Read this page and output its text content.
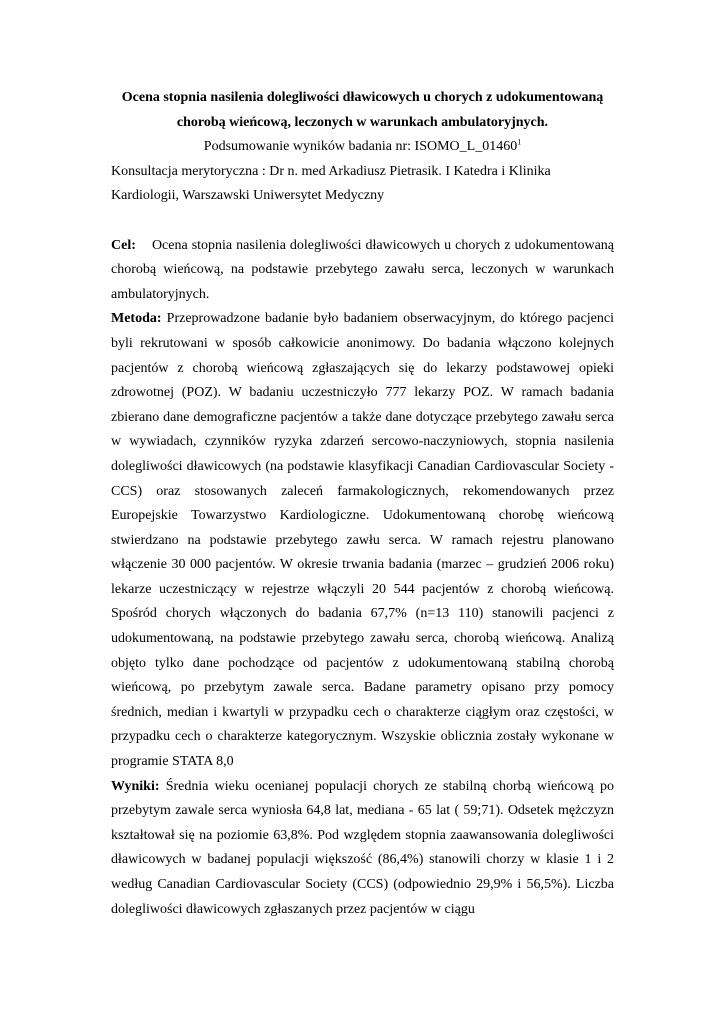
Ocena stopnia nasilenia dolegliwości dławicowych u chorych z udokumentowaną chorobą wieńcową, leczonych w warunkach ambulatoryjnych.

Podsumowanie wyników badania nr: ISOMO_L_01460$^1$

Konsultacja merytoryczna : Dr n. med Arkadiusz Pietrasik. I Katedra i Klinika Kardiologii, Warszawski Uniwersytet Medyczny

Cel: Ocena stopnia nasilenia dolegliwości dławicowych u chorych z udokumentowaną chorobą wieńcową, na podstawie przebytego zawału serca, leczonych w warunkach ambulatoryjnych.

Metoda: Przeprowadzone badanie było badaniem obserwacyjnym, do którego pacjenci byli rekrutowani w sposób całkowicie anonimowy. Do badania włączono kolejnych pacjentów z chorobą wieńcową zgłaszających się do lekarzy podstawowej opieki zdrowotnej (POZ). W badaniu uczestniczyło 777 lekarzy POZ. W ramach badania zbierano dane demograficzne pacjentów a także dane dotyczące przebytego zawału serca w wywiadach, czynników ryzyka zdarzeń sercowo-naczyniowych, stopnia nasilenia dolegliwości dławicowych (na podstawie klasyfikacji Canadian Cardiovascular Society -CCS) oraz stosowanych zaleceń farmakologicznych, rekomendowanych przez Europejskie Towarzystwo Kardiologiczne. Udokumentowaną chorobę wieńcową stwierdzano na podstawie przebytego zawłu serca. W ramach rejestru planowano włączenie 30 000 pacjentów. W okresie trwania badania (marzec – grudzień 2006 roku) lekarze uczestniczący w rejestrze włączyli 20 544 pacjentów z chorobą wieńcową. Spośród chorych włączonych do badania 67,7% (n=13 110) stanowili pacjenci z udokumentowaną, na podstawie przebytego zawału serca, chorobą wieńcową. Analizą objęto tylko dane pochodzące od pacjentów z udokumentowaną stabilną chorobą wieńcową, po przebytym zawale serca. Badane parametry opisano przy pomocy średnich, median i kwartyli w przypadku cech o charakterze ciągłym oraz częstości, w przypadku cech o charakterze kategorycznym. Wszyskie oblicznia zostały wykonane w programie STATA 8,0

Wyniki: Średnia wieku ocenianej populacji chorych ze stabilną chorbą wieńcową po przebytym zawale serca wyniosła 64,8 lat, mediana - 65 lat ( 59;71). Odsetek mężczyzn kształtował się na poziomie 63,8%. Pod względem stopnia zaawansowania dolegliwości dławicowych w badanej populacji większość (86,4%) stanowili chorzy w klasie 1 i 2 według Canadian Cardiovascular Society (CCS) (odpowiednio 29,9% i 56,5%). Liczba dolegliwości dławicowych zgłaszanych przez pacjentów w ciągu
